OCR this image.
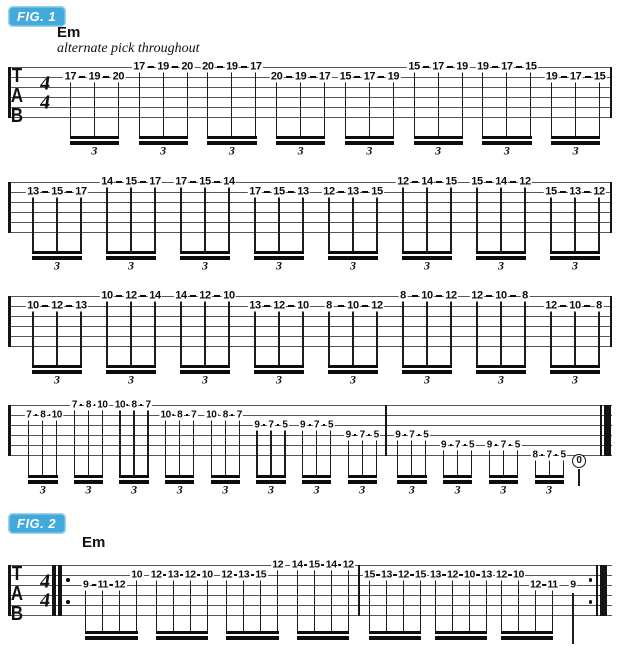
FIG. 1
Em
alternate pick throughout
FIG. 2
Em
T
A
B
4
4
3
17 19 20
3
17 19 20
3
20 19 17
3
20 19 17
3
15 17 19
3
15 17 19
3
19 17 15
3
19 17 15
3
13 15 17
3
14 15 17
3
17 15 14
3
17 15 13
3
12 13 15
3
12 14 15
3
15 14 12
3
15 13 12
3
10 12 13
3
10 12 14
3
14 12 10
3
13 12 10
3
8 10 12
3
8 10 12
3
12 10 8
3
12 10 8
3
7 8 10
3
7 8 10
3
10 8 7
3
10 8 7
3
10 8 7
3
9 7 5
3
9 7 5
3
9 7 5
3
9 7 5
3
9 7 5
3
9 7 5
3
8 7 5	0
T
A
B
4
4
9 11 12
10 12 13 12 10 12 13 15
12 14 15 14 12
15 13 12 15 13 12 10 13 12 10
12 11 9
